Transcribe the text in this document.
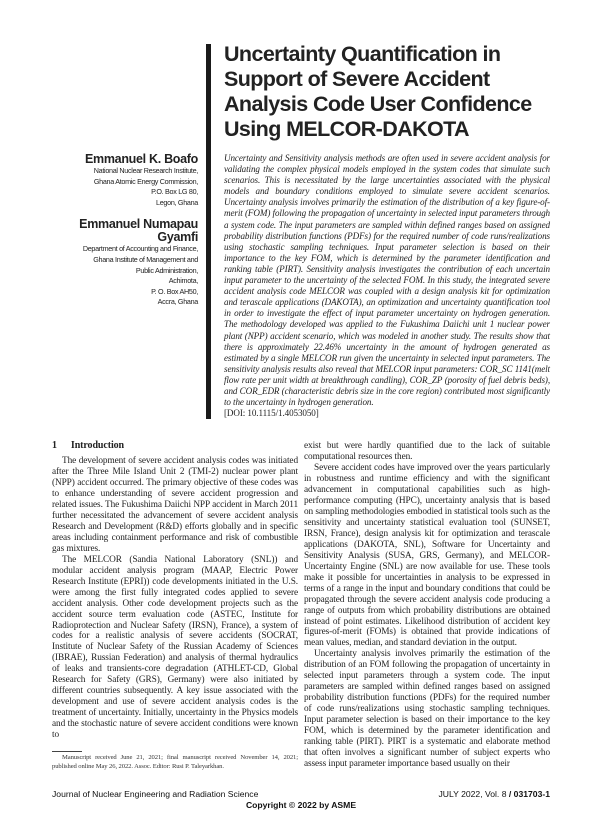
Emmanuel K. Boafo
National Nuclear Research Institute,
Ghana Atomic Energy Commission,
P.O. Box LG 80,
Legon, Ghana
Emmanuel Numapau
Gyamfi
Department of Accounting and Finance,
Ghana Institute of Management and
Public Administration,
Achimota,
P. O. Box AH50,
Accra, Ghana
Uncertainty Quantification in
Support of Severe Accident
Analysis Code User Confidence
Using MELCOR-DAKOTA
Uncertainty and Sensitivity analysis methods are often used in severe accident analysis for validating the complex physical models employed in the system codes that simulate such scenarios. This is necessitated by the large uncertainties associated with the physical models and boundary conditions employed to simulate severe accident scenarios. Uncertainty analysis involves primarily the estimation of the distribution of a key figure-of-merit (FOM) following the propagation of uncertainty in selected input parameters through a system code. The input parameters are sampled within defined ranges based on assigned probability distribution functions (PDFs) for the required number of code runs/realizations using stochastic sampling techniques. Input parameter selection is based on their importance to the key FOM, which is determined by the parameter identification and ranking table (PIRT). Sensitivity analysis investigates the contribution of each uncertain input parameter to the uncertainty of the selected FOM. In this study, the integrated severe accident analysis code MELCOR was coupled with a design analysis kit for optimization and terascale applications (DAKOTA), an optimization and uncertainty quantification tool in order to investigate the effect of input parameter uncertainty on hydrogen generation. The methodology developed was applied to the Fukushima Daiichi unit 1 nuclear power plant (NPP) accident scenario, which was modeled in another study. The results show that there is approximately 22.46% uncertainty in the amount of hydrogen generated as estimated by a single MELCOR run given the uncertainty in selected input parameters. The sensitivity analysis results also reveal that MELCOR input parameters: COR_SC 1141(melt flow rate per unit width at breakthrough candling), COR_ZP (porosity of fuel debris beds), and COR_EDR (characteristic debris size in the core region) contributed most significantly to the uncertainty in hydrogen generation.
[DOI: 10.1115/1.4053050]
1 Introduction

The development of severe accident analysis codes was initiated after the Three Mile Island Unit 2 (TMI-2) nuclear power plant (NPP) accident occurred. The primary objective of these codes was to enhance understanding of severe accident progression and related issues. The Fukushima Daiichi NPP accident in March 2011 further necessitated the advancement of severe accident analysis Research and Development (R&D) efforts globally and in specific areas including containment performance and risk of combustible gas mixtures.

The MELCOR (Sandia National Laboratory (SNL)) and modular accident analysis program (MAAP, Electric Power Research Institute (EPRI)) code developments initiated in the U.S. were among the first fully integrated codes applied to severe accident analysis. Other code development projects such as the accident source term evaluation code (ASTEC, Institute for Radioprotection and Nuclear Safety (IRSN), France), a system of codes for a realistic analysis of severe accidents (SOCRAT, Institute of Nuclear Safety of the Russian Academy of Sciences (IBRAE), Russian Federation) and analysis of thermal hydraulics of leaks and transients-core degradation (ATHLET-CD, Global Research for Safety (GRS), Germany) were also initiated by different countries subsequently. A key issue associated with the development and use of severe accident analysis codes is the treatment of uncertainty. Initially, uncertainty in the Physics models and the stochastic nature of severe accident conditions were known to

Manuscript received June 21, 2021; final manuscript received November 14, 2021; published online May 26, 2022. Assoc. Editor: Rusi P. Taleyarkhan.

exist but were hardly quantified due to the lack of suitable computational resources then.

Severe accident codes have improved over the years particularly in robustness and runtime efficiency and with the significant advancement in computational capabilities such as high-performance computing (HPC), uncertainty analysis that is based on sampling methodologies embodied in statistical tools such as the sensitivity and uncertainty statistical evaluation tool (SUNSET, IRSN, France), design analysis kit for optimization and terascale applications (DAKOTA, SNL), Software for Uncertainty and Sensitivity Analysis (SUSA, GRS, Germany), and MELCOR-Uncertainty Engine (SNL) are now available for use. These tools make it possible for uncertainties in analysis to be expressed in terms of a range in the input and boundary conditions that could be propagated through the severe accident analysis code producing a range of outputs from which probability distributions are obtained instead of point estimates. Likelihood distribution of accident key figures-of-merit (FOMs) is obtained that provide indications of mean values, median, and standard deviation in the output.

Uncertainty analysis involves primarily the estimation of the distribution of an FOM following the propagation of uncertainty in selected input parameters through a system code. The input parameters are sampled within defined ranges based on assigned probability distribution functions (PDFs) for the required number of code runs/realizations using stochastic sampling techniques. Input parameter selection is based on their importance to the key FOM, which is determined by the parameter identification and ranking table (PIRT). PIRT is a systematic and elaborate method that often involves a significant number of subject experts who assess input parameter importance based usually on their

Journal of Nuclear Engineering and Radiation Science	JULY 2022, Vol. 8 / 031703-1
Copyright © 2022 by ASME
